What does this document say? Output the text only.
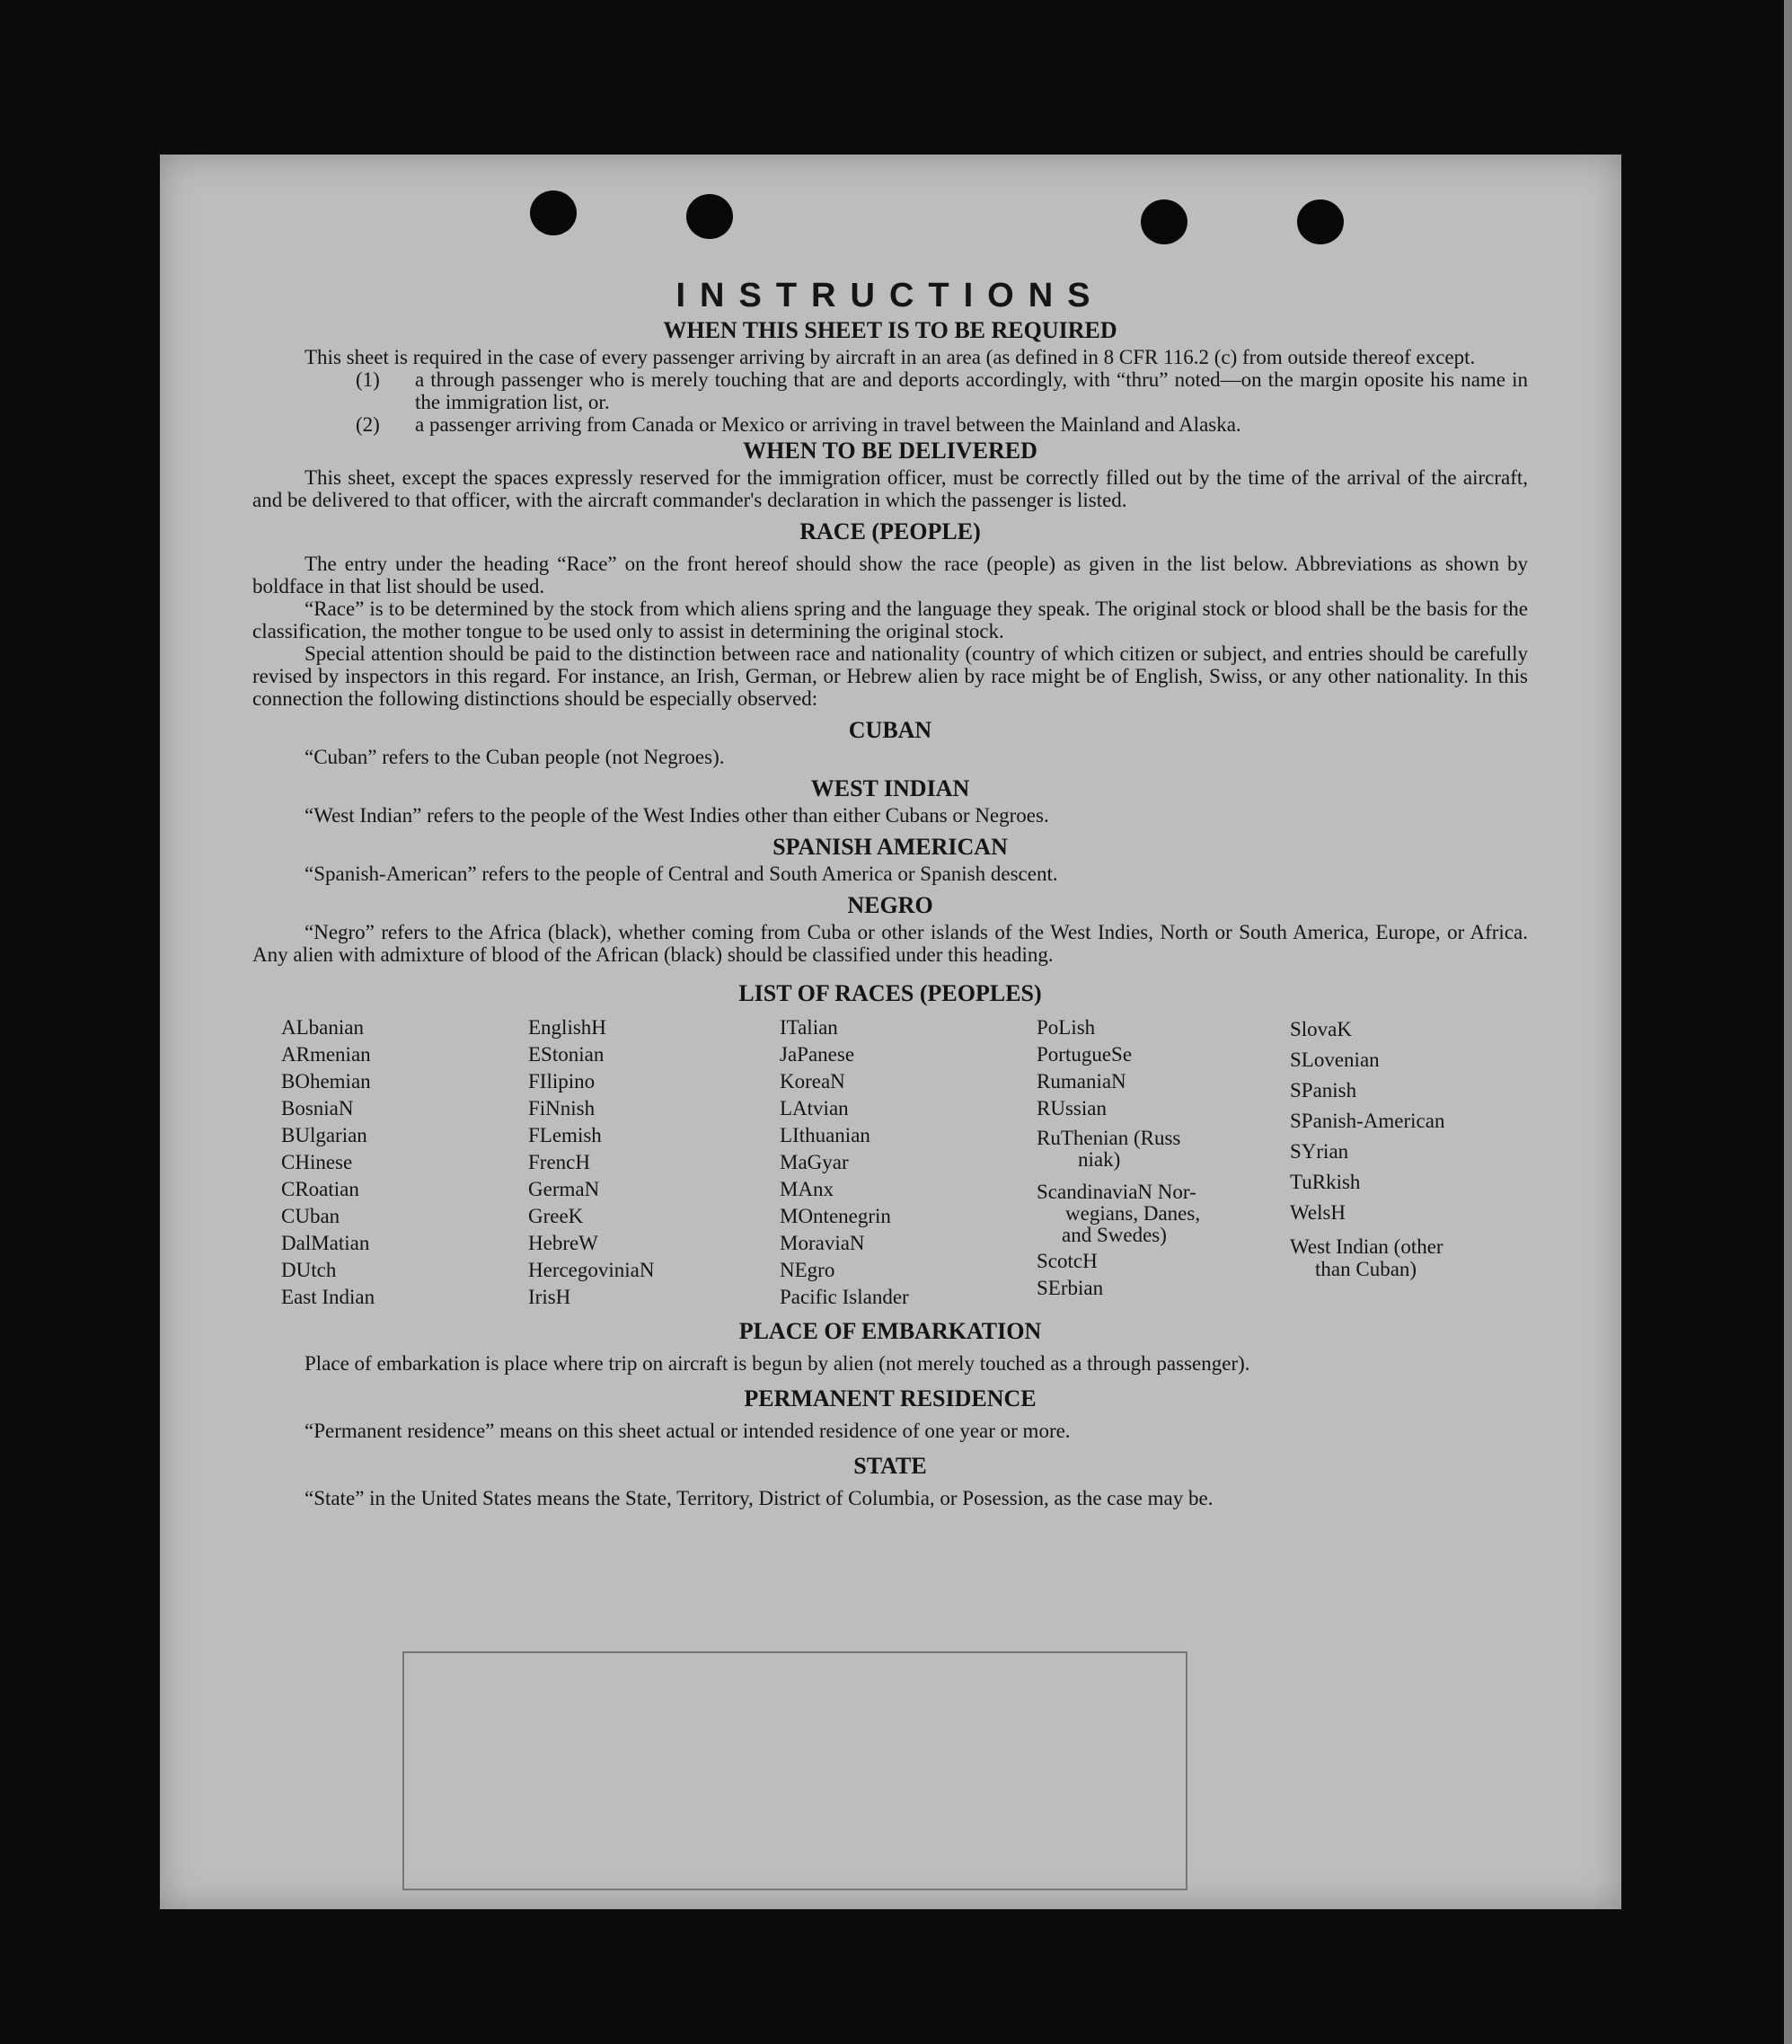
INSTRUCTIONS
WHEN THIS SHEET IS TO BE REQUIRED

This sheet is required in the case of every passenger arriving by aircraft in an area (as defined in 8 CFR 116.2 (c) from outside thereof except.

(1)	a through passenger who is merely touching that are and deports accordingly, with “thru” noted—on the margin oposite his name in the immigration list, or.
(2)	a passenger arriving from Canada or Mexico or arriving in travel between the Mainland and Alaska.
WHEN TO BE DELIVERED

This sheet, except the spaces expressly reserved for the immigration officer, must be correctly filled out by the time of the arrival of the aircraft, and be delivered to that officer, with the aircraft commander's declaration in which the passenger is listed.

RACE (PEOPLE)

The entry under the heading “Race” on the front hereof should show the race (people) as given in the list below. Abbreviations as shown by boldface in that list should be used.

“Race” is to be determined by the stock from which aliens spring and the language they speak. The original stock or blood shall be the basis for the classification, the mother tongue to be used only to assist in determining the original stock.

Special attention should be paid to the distinction between race and nationality (country of which citizen or subject, and entries should be carefully revised by inspectors in this regard. For instance, an Irish, German, or Hebrew alien by race might be of English, Swiss, or any other nationality. In this connection the following distinctions should be especially observed:

CUBAN

“Cuban” refers to the Cuban people (not Negroes).

WEST INDIAN

“West Indian” refers to the people of the West Indies other than either Cubans or Negroes.

SPANISH AMERICAN

“Spanish-American” refers to the people of Central and South America or Spanish descent.

NEGRO

“Negro” refers to the Africa (black), whether coming from Cuba or other islands of the West Indies, North or South America, Europe, or Africa. Any alien with admixture of blood of the African (black) should be classified under this heading.

LIST OF RACES (PEOPLES)
ALbanian
ARmenian
BOhemian
BosniaN
BUlgarian
CHinese
CRoatian
CUban
DalMatian
DUtch
East Indian
EnglishH
EStonian
FIlipino
FiNnish
FLemish
FrencH
GermaN
GreeK
HebreW
HercegoviniaN
IrisH
ITalian
JaPanese
KoreaN
LAtvian
LIthuanian
MaGyar
MAnx
MOntenegrin
MoraviaN
NEgro
Pacific Islander
PoLish
PortugueSe
RumaniaN
RUssian
RuThenian (Russ
niak)
ScandinaviaN Nor-
wegians, Danes,
and Swedes)
ScotcH
SErbian
SlovaK
SLovenian
SPanish
SPanish-American
SYrian
TuRkish
WelsH
West Indian (other
than Cuban)
PLACE OF EMBARKATION

Place of embarkation is place where trip on aircraft is begun by alien (not merely touched as a through passenger).

PERMANENT RESIDENCE

“Permanent residence” means on this sheet actual or intended residence of one year or more.

STATE

“State” in the United States means the State, Territory, District of Columbia, or Posession, as the case may be.
